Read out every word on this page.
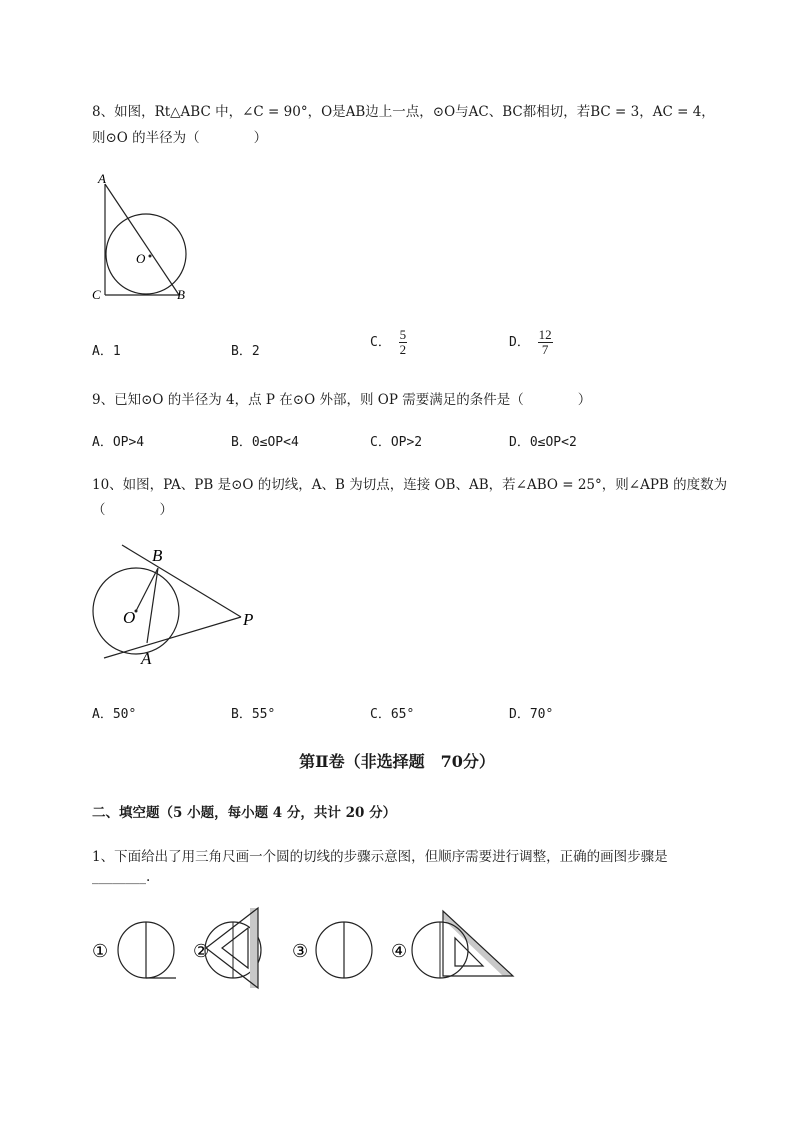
8、如图，Rt△ABC 中，∠C = 90°，O是AB边上一点，⊙O与AC、BC都相切，若BC = 3，AC = 4，
则⊙O 的半径为（　　　　）
A
C	B
O
A．1	B．2
C． $\frac{5}{2}$	D． $\frac{12}{7}$
9、已知⊙O 的半径为 4，点 P 在⊙O 外部，则 OP 需要满足的条件是（　　　　）
A．OP>4	B．0≤OP<4	C．OP>2	D．0≤OP<2
10、如图，PA、PB 是⊙O 的切线，A、B 为切点，连接 OB、AB，若∠ABO = 25°，则∠APB 的度数为
（　　　　）
B
O	P
A
A．50°	B．55°	C．65°	D．70°
第Ⅱ卷（非选择题　70分）
二、填空题（5 小题，每小题 4 分，共计 20 分）
1、下面给出了用三角尺画一个圆的切线的步骤示意图，但顺序需要进行调整，正确的画图步骤是
________.
①	②	③	④
